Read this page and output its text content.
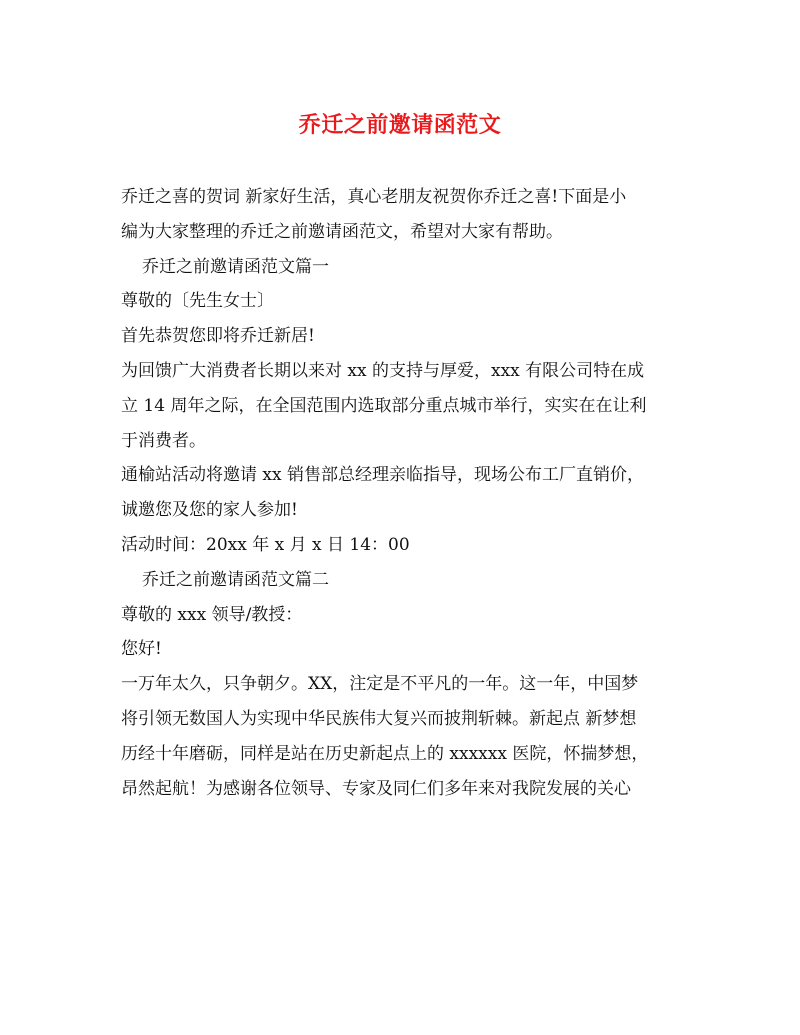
乔迁之前邀请函范文

乔迁之喜的贺词 新家好生活，真心老朋友祝贺你乔迁之喜!下面是小

编为大家整理的乔迁之前邀请函范文，希望对大家有帮助。

乔迁之前邀请函范文篇一

尊敬的〔先生女士〕

首先恭贺您即将乔迁新居!

为回馈广大消费者长期以来对 xx 的支持与厚爱，xxx 有限公司特在成

立 14 周年之际，在全国范围内选取部分重点城市举行，实实在在让利

于消费者。

通榆站活动将邀请 xx 销售部总经理亲临指导，现场公布工厂直销价，

诚邀您及您的家人参加!

活动时间：20xx 年 x 月 x 日 14：00

乔迁之前邀请函范文篇二

尊敬的 xxx 领导/教授：

您好!

一万年太久，只争朝夕。XX，注定是不平凡的一年。这一年，中国梦

将引领无数国人为实现中华民族伟大复兴而披荆斩棘。新起点 新梦想

历经十年磨砺，同样是站在历史新起点上的 xxxxxx 医院，怀揣梦想，

昂然起航！为感谢各位领导、专家及同仁们多年来对我院发展的关心
